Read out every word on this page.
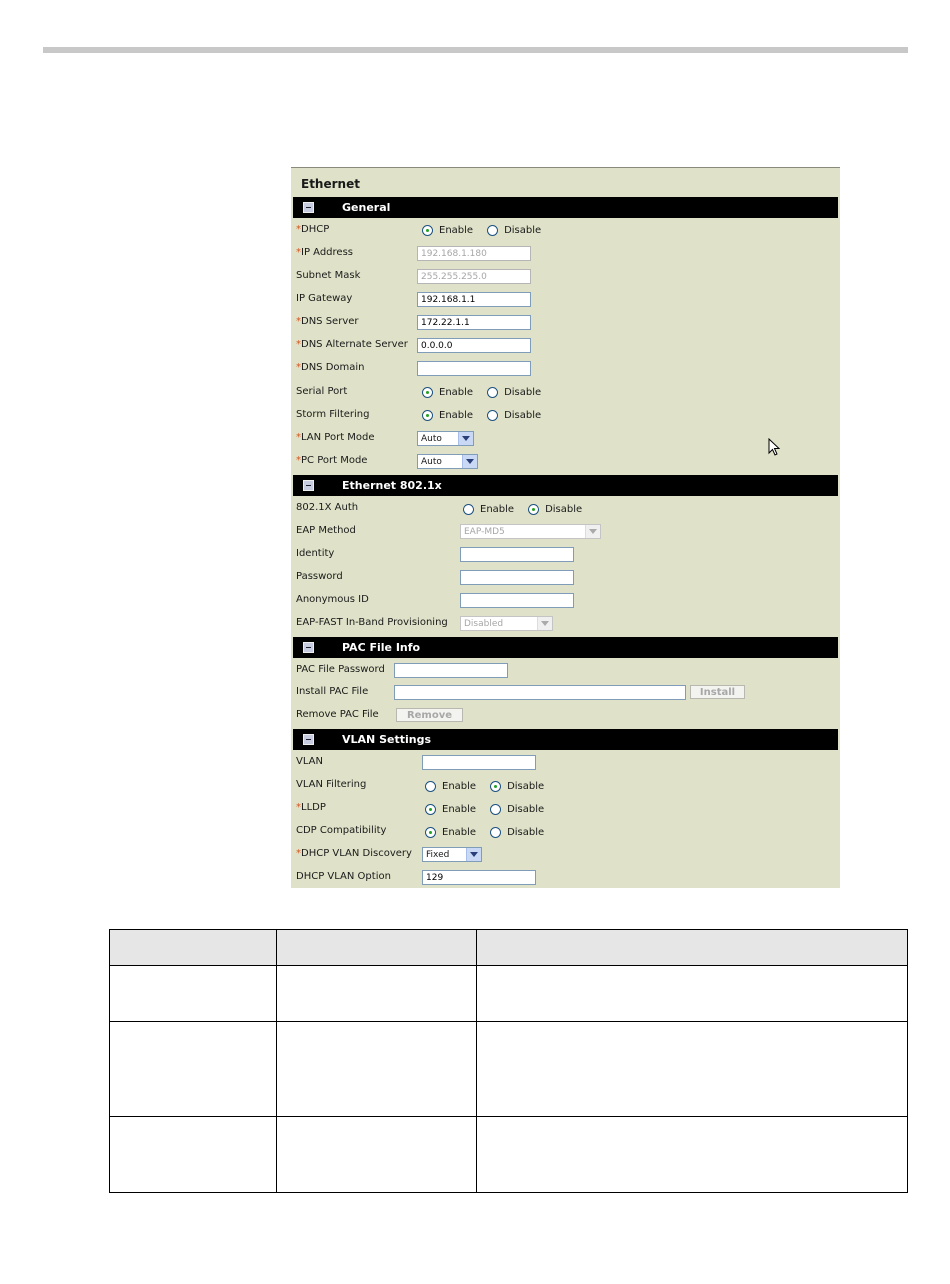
Ethernet
General
*DHCP	Enable	Disable
*IP Address	192.168.1.180
Subnet Mask	255.255.255.0
IP Gateway	192.168.1.1
*DNS Server	172.22.1.1
*DNS Alternate Server	0.0.0.0
*DNS Domain
Serial Port	Enable	Disable
Storm Filtering	Enable	Disable
*LAN Port Mode	Auto
*PC Port Mode	Auto
Ethernet 802.1x
802.1X Auth	Enable	Disable
EAP Method	EAP-MD5
Identity
Password
Anonymous ID
EAP-FAST In-Band Provisioning	Disabled
PAC File Info
PAC File Password
Install PAC File	Install
Remove PAC File	Remove
VLAN Settings
VLAN
VLAN Filtering	Enable	Disable
*LLDP	Enable	Disable
CDP Compatibility	Enable	Disable
*DHCP VLAN Discovery	Fixed
DHCP VLAN Option	129
